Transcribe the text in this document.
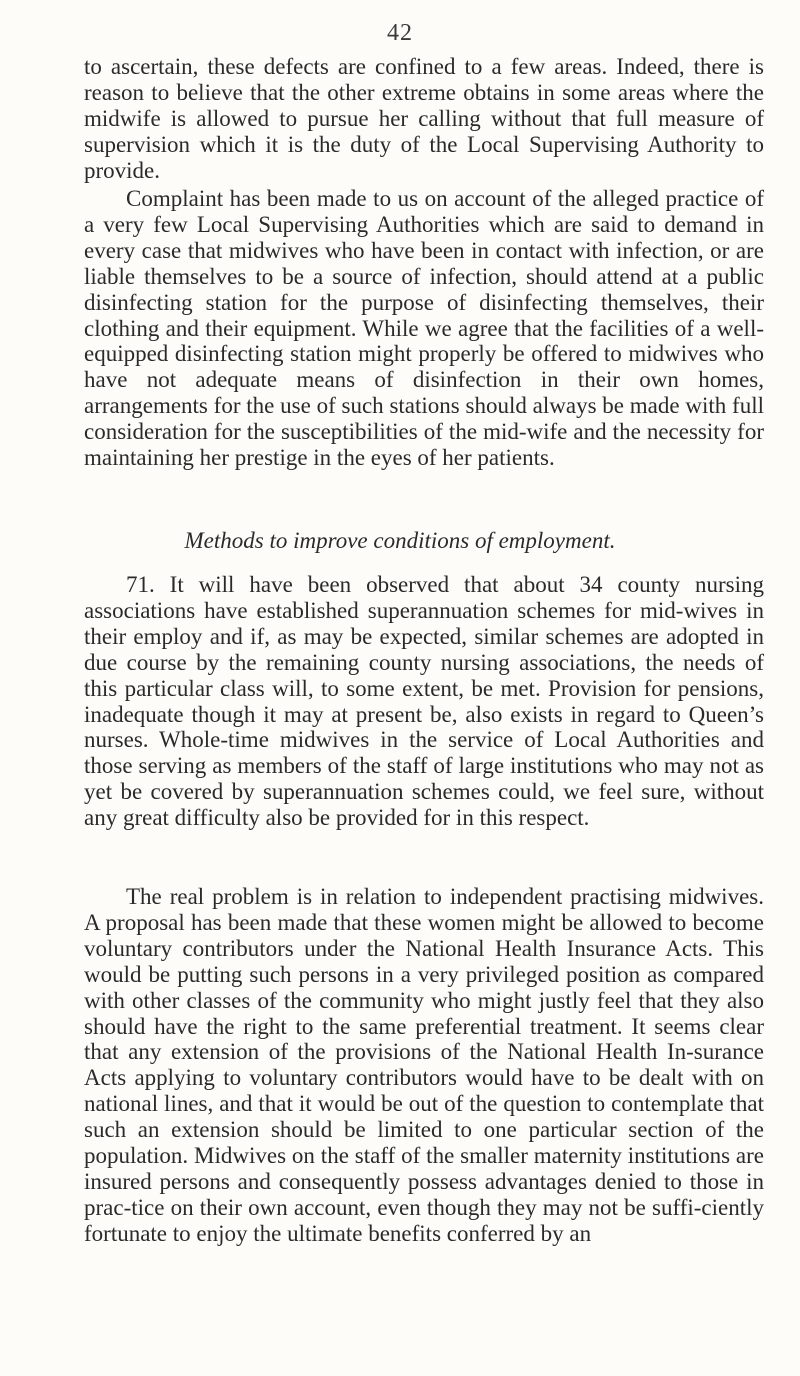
42

to ascertain, these defects are confined to a few areas. Indeed, there is reason to believe that the other extreme obtains in some areas where the midwife is allowed to pursue her calling without that full measure of supervision which it is the duty of the Local Supervising Authority to provide.

Complaint has been made to us on account of the alleged practice of a very few Local Supervising Authorities which are said to demand in every case that midwives who have been in contact with infection, or are liable themselves to be a source of infection, should attend at a public disinfecting station for the purpose of disinfecting themselves, their clothing and their equipment. While we agree that the facilities of a well-equipped disinfecting station might properly be offered to midwives who have not adequate means of disinfection in their own homes, arrangements for the use of such stations should always be made with full consideration for the susceptibilities of the mid-wife and the necessity for maintaining her prestige in the eyes of her patients.

Methods to improve conditions of employment.

71. It will have been observed that about 34 county nursing associations have established superannuation schemes for mid-wives in their employ and if, as may be expected, similar schemes are adopted in due course by the remaining county nursing associations, the needs of this particular class will, to some extent, be met. Provision for pensions, inadequate though it may at present be, also exists in regard to Queen’s nurses. Whole-time midwives in the service of Local Authorities and those serving as members of the staff of large institutions who may not as yet be covered by superannuation schemes could, we feel sure, without any great difficulty also be provided for in this respect.

The real problem is in relation to independent practising midwives. A proposal has been made that these women might be allowed to become voluntary contributors under the National Health Insurance Acts. This would be putting such persons in a very privileged position as compared with other classes of the community who might justly feel that they also should have the right to the same preferential treatment. It seems clear that any extension of the provisions of the National Health In-surance Acts applying to voluntary contributors would have to be dealt with on national lines, and that it would be out of the question to contemplate that such an extension should be limited to one particular section of the population. Midwives on the staff of the smaller maternity institutions are insured persons and consequently possess advantages denied to those in prac-tice on their own account, even though they may not be suffi-ciently fortunate to enjoy the ultimate benefits conferred by an
